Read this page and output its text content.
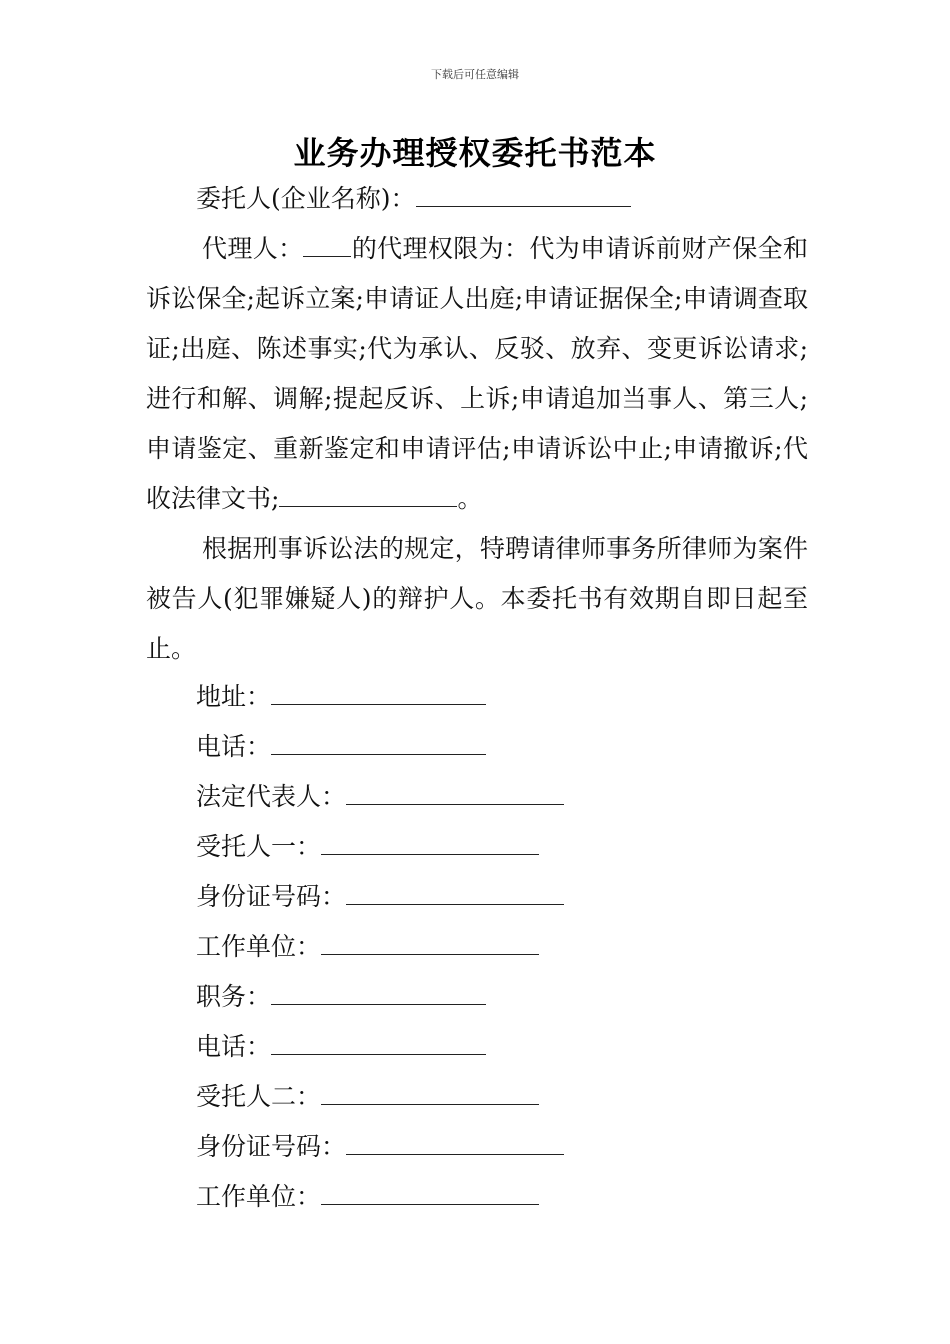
下载后可任意编辑
业务办理授权委托书范本
委托人(企业名称)：
代理人： 的代理权限为：代为申请诉前财产保全和诉讼保全;起诉立案;申请证人出庭;申请证据保全;申请调查取证;出庭、陈述事实;代为承认、反驳、放弃、变更诉讼请求;进行和解、调解;提起反诉、上诉;申请追加当事人、第三人;申请鉴定、重新鉴定和申请评估;申请诉讼中止;申请撤诉;代收法律文书;	。
根据刑事诉讼法的规定，特聘请律师事务所律师为案件被告人(犯罪嫌疑人)的辩护人。本委托书有效期自即日起至止。
地址：
电话：
法定代表人：
受托人一：
身份证号码：
工作单位：
职务：
电话：
受托人二：
身份证号码：
工作单位：
